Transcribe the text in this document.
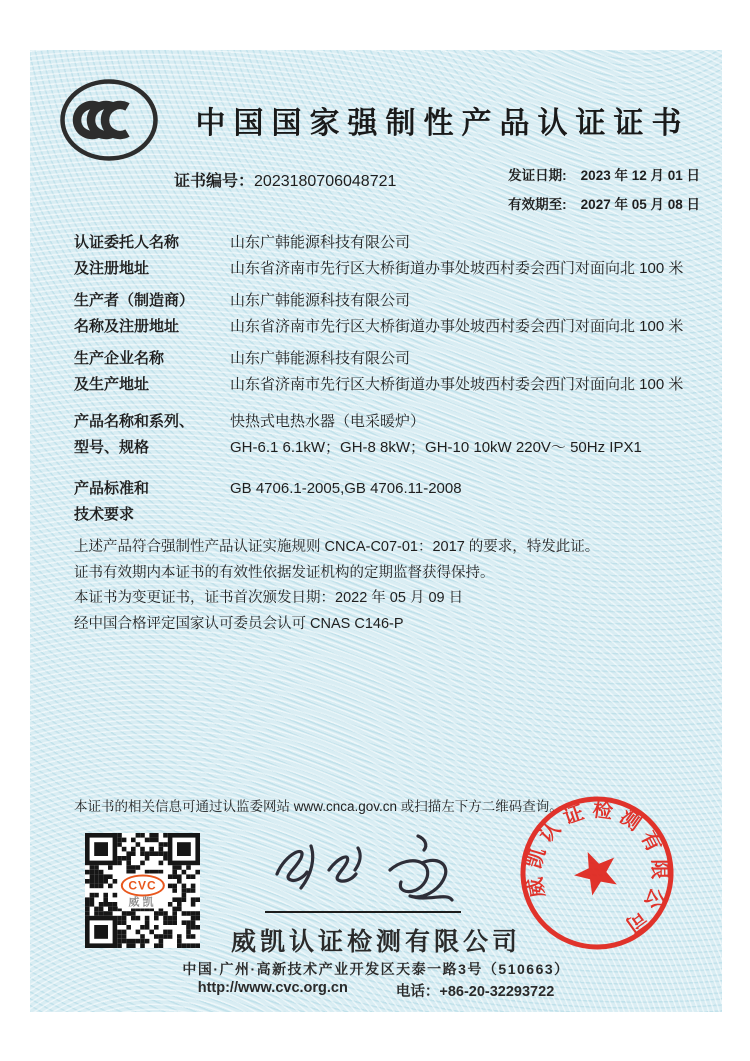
中国国家强制性产品认证证书
证书编号：2023180706048721	发证日期: 2023 年 12 月 01 日
有效期至: 2027 年 05 月 08 日
认证委托人名称
及注册地址
山东广韩能源科技有限公司
山东省济南市先行区大桥街道办事处坡西村委会西门对面向北 100 米
生产者（制造商）
名称及注册地址
山东广韩能源科技有限公司
山东省济南市先行区大桥街道办事处坡西村委会西门对面向北 100 米
生产企业名称
及生产地址
山东广韩能源科技有限公司
山东省济南市先行区大桥街道办事处坡西村委会西门对面向北 100 米
产品名称和系列、
型号、规格
快热式电热水器（电采暖炉）
GH-6.1 6.1kW；GH-8 8kW；GH-10 10kW 220V～ 50Hz IPX1
产品标准和
技术要求
GB 4706.1-2005,GB 4706.11-2008
上述产品符合强制性产品认证实施规则 CNCA-C07-01：2017 的要求，特发此证。
证书有效期内本证书的有效性依据发证机构的定期监督获得保持。
本证书为变更证书，证书首次颁发日期：2022 年 05 月 09 日
经中国合格评定国家认可委员会认可 CNAS C146-P
本证书的相关信息可通过认监委网站 www.cnca.gov.cn 或扫描左下方二维码查询。
CVC
威凯
威凯认证检测有限公司
中国·广州·高新技术产业开发区天泰一路3号（510663）
http://www.cvc.org.cn	电话：+86-20-32293722
威凯认证检测有限公司
